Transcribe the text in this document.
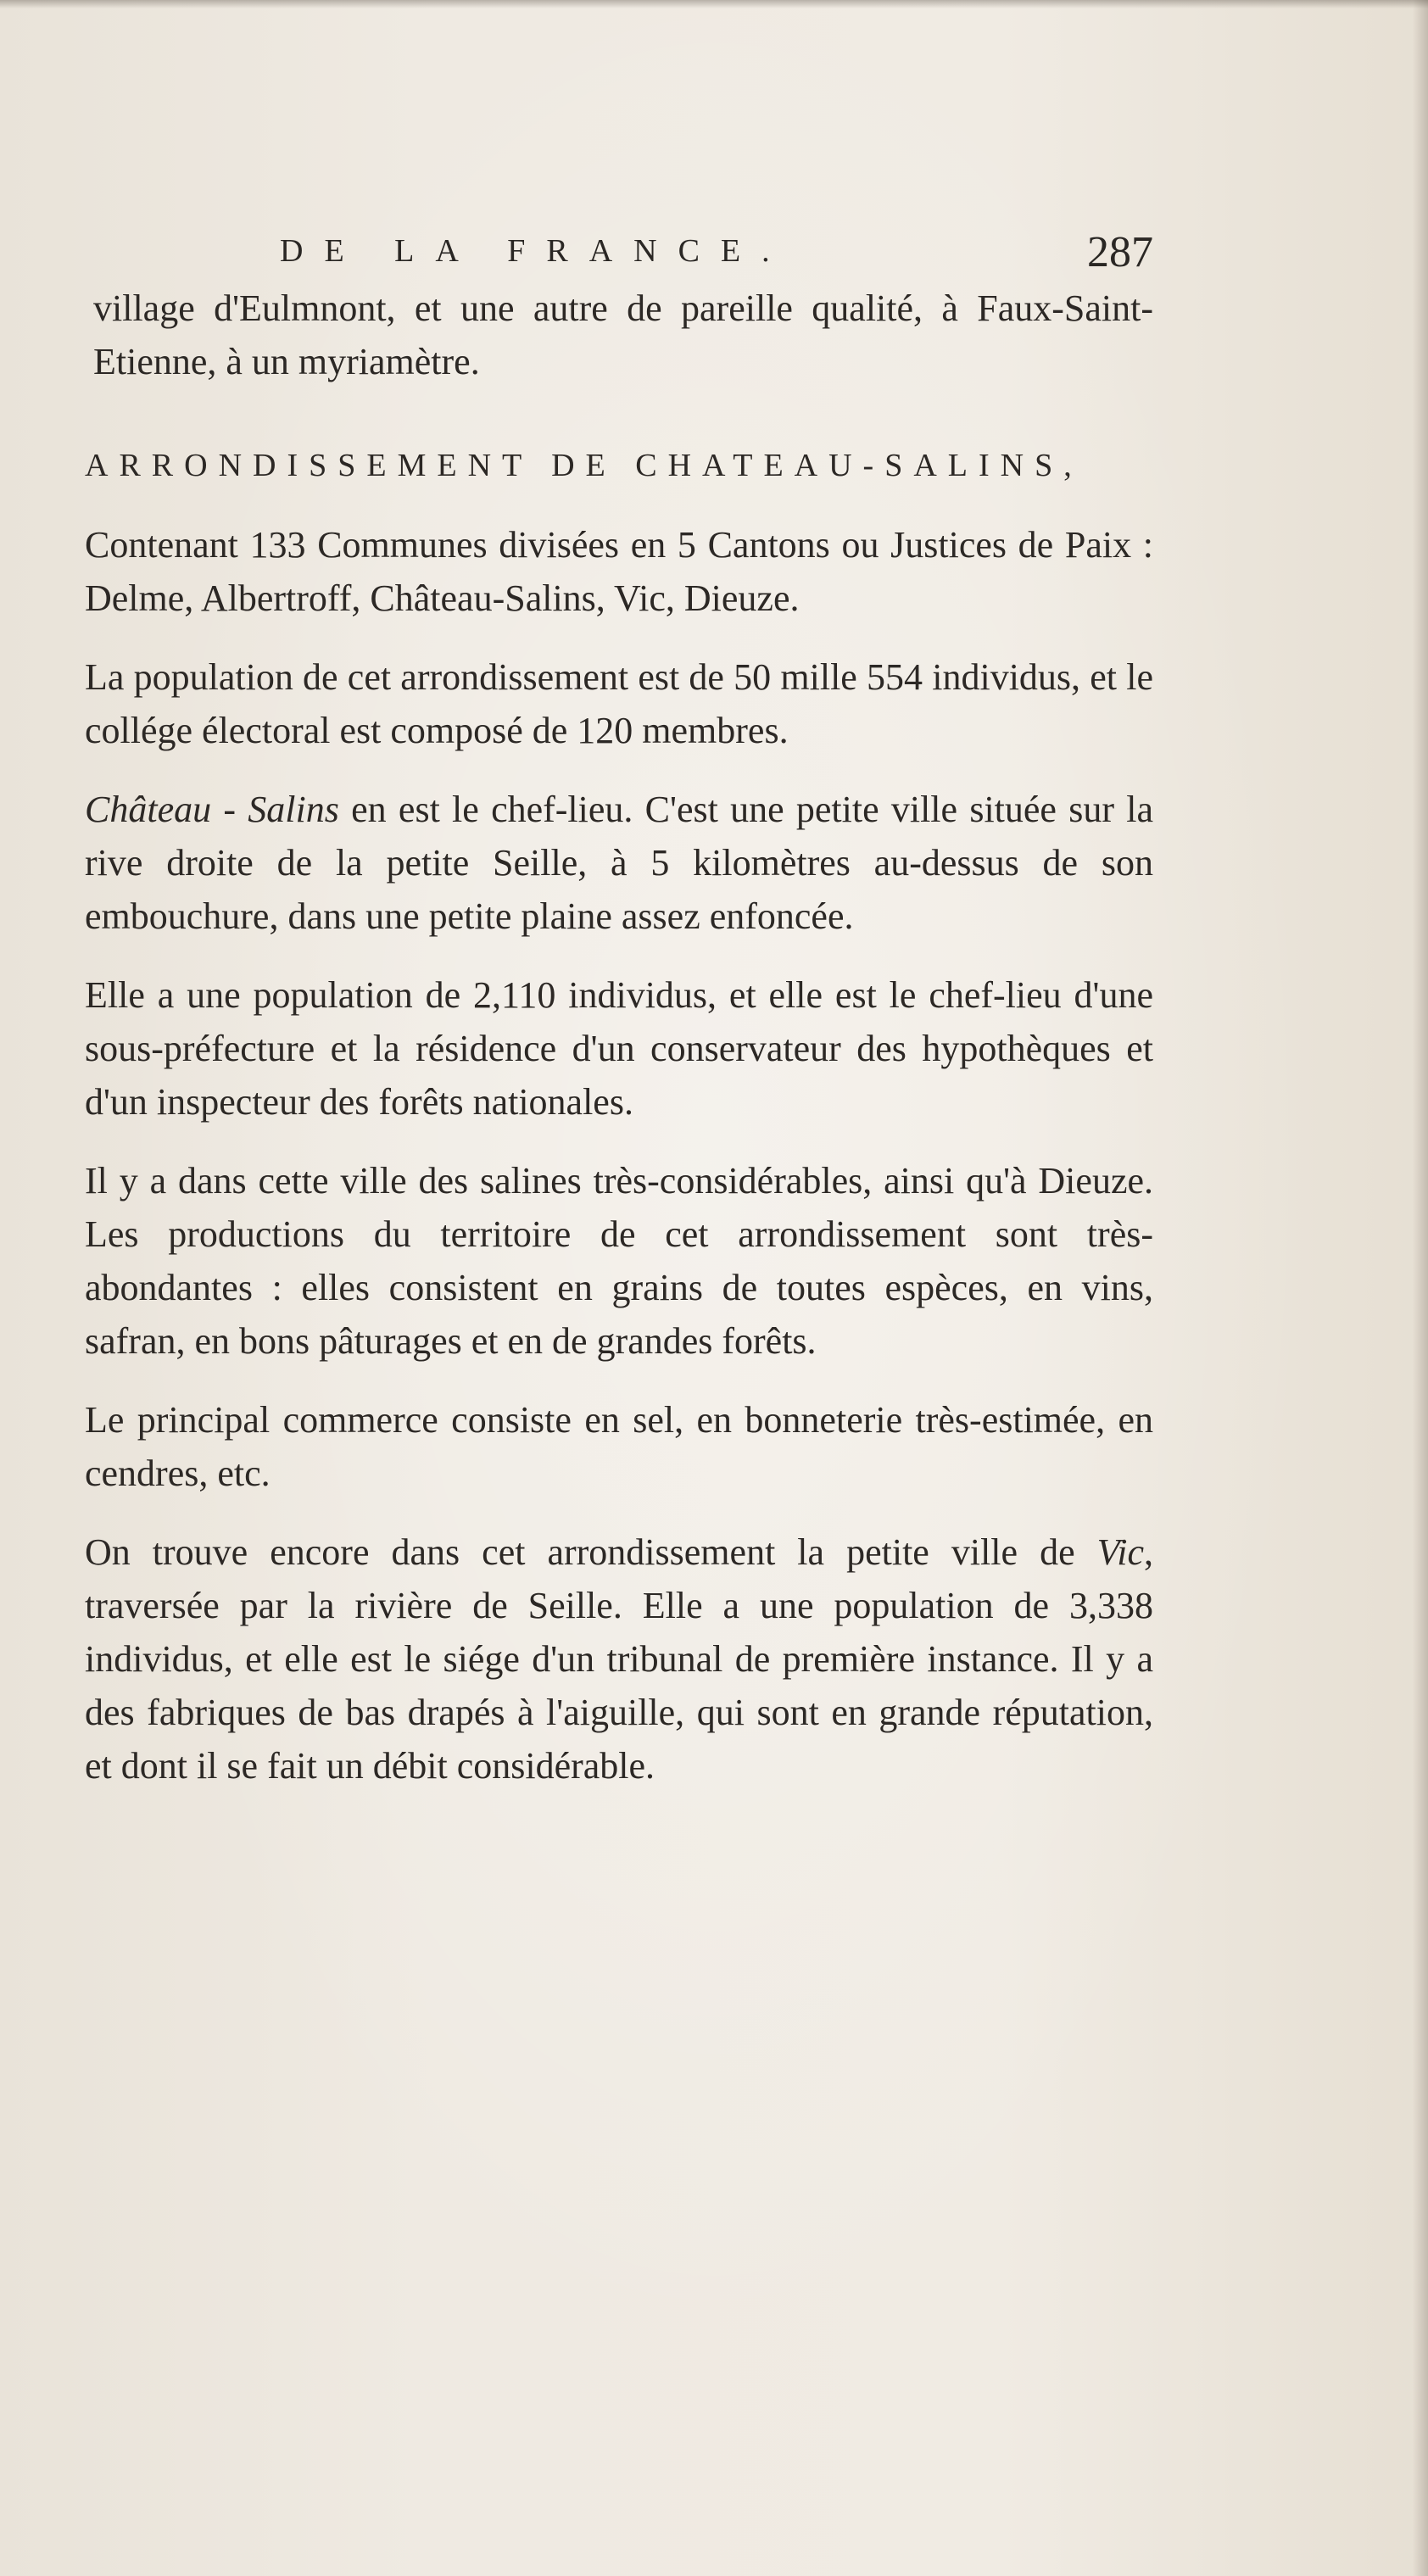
DE LA FRANCE.	287

village d'Eulmnont, et une autre de pareille qualité, à Faux-Saint-Etienne, à un myriamètre.

ARRONDISSEMENT DE CHATEAU-SALINS,

Contenant 133 Communes divisées en 5 Cantons ou Justices de Paix : Delme, Albertroff, Château-Salins, Vic, Dieuze.

La population de cet arrondissement est de 50 mille 554 individus, et le collége électoral est composé de 120 membres.

Château - Salins en est le chef-lieu. C'est une petite ville située sur la rive droite de la petite Seille, à 5 kilomètres au-dessus de son embouchure, dans une petite plaine assez enfoncée.

Elle a une population de 2,110 individus, et elle est le chef-lieu d'une sous-préfecture et la résidence d'un conservateur des hypothèques et d'un inspecteur des forêts nationales.

Il y a dans cette ville des salines très-considérables, ainsi qu'à Dieuze. Les productions du territoire de cet arrondissement sont très-abondantes : elles consistent en grains de toutes espèces, en vins, safran, en bons pâturages et en de grandes forêts.

Le principal commerce consiste en sel, en bonneterie très-estimée, en cendres, etc.

On trouve encore dans cet arrondissement la petite ville de Vic, traversée par la rivière de Seille. Elle a une population de 3,338 individus, et elle est le siége d'un tribunal de première instance. Il y a des fabriques de bas drapés à l'aiguille, qui sont en grande réputation, et dont il se fait un débit considérable.
